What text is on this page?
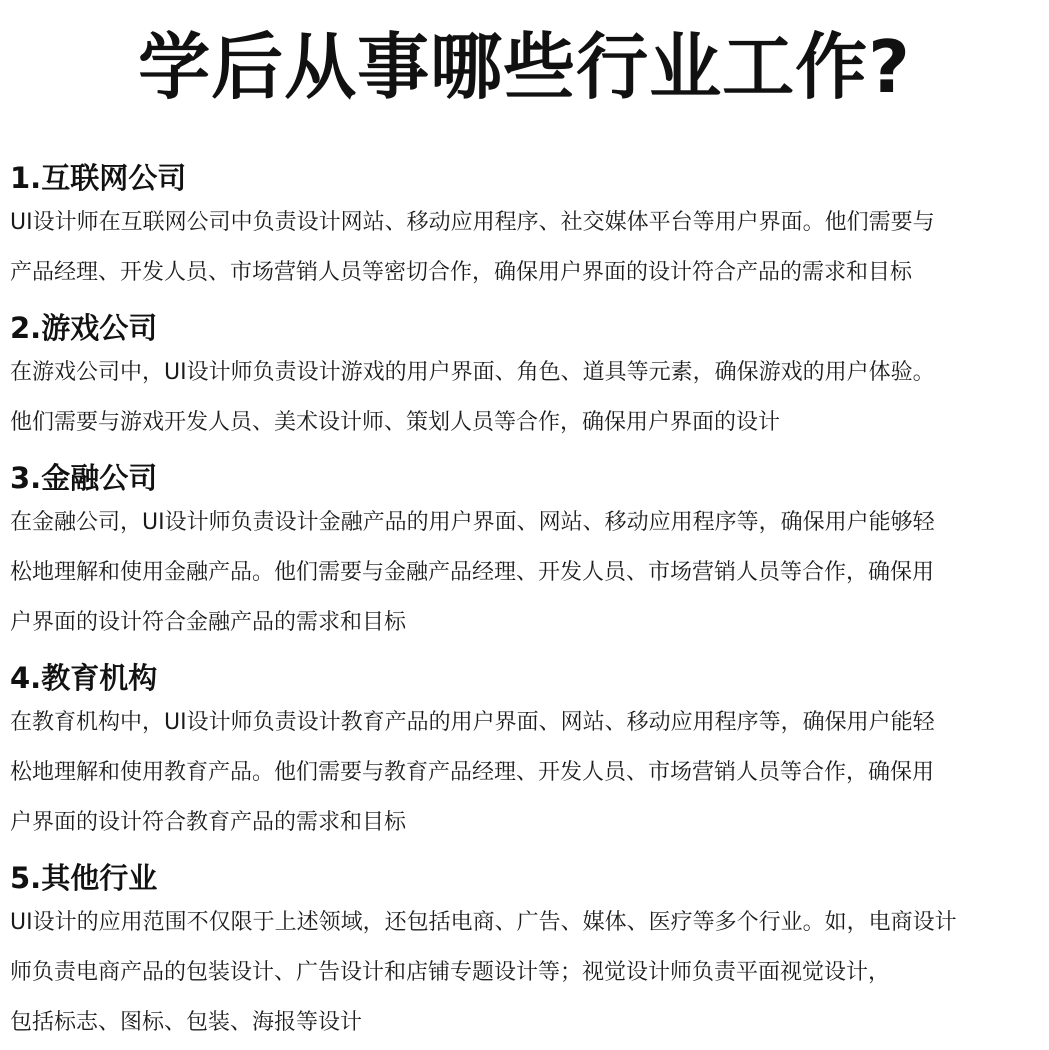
学后从事哪些行业工作?
1.互联网公司

UI设计师在互联网公司中负责设计网站、移动应用程序、社交媒体平台等用户界面。他们需要与
产品经理、开发人员、市场营销人员等密切合作，确保用户界面的设计符合产品的需求和目标

2.游戏公司

在游戏公司中，UI设计师负责设计游戏的用户界面、角色、道具等元素，确保游戏的用户体验。
他们需要与游戏开发人员、美术设计师、策划人员等合作，确保用户界面的设计

3.金融公司

在金融公司，UI设计师负责设计金融产品的用户界面、网站、移动应用程序等，确保用户能够轻
松地理解和使用金融产品。他们需要与金融产品经理、开发人员、市场营销人员等合作，确保用
户界面的设计符合金融产品的需求和目标

4.教育机构

在教育机构中，UI设计师负责设计教育产品的用户界面、网站、移动应用程序等，确保用户能轻
松地理解和使用教育产品。他们需要与教育产品经理、开发人员、市场营销人员等合作，确保用
户界面的设计符合教育产品的需求和目标

5.其他行业

UI设计的应用范围不仅限于上述领域，还包括电商、广告、媒体、医疗等多个行业。如，电商设计
师负责电商产品的包装设计、广告设计和店铺专题设计等；视觉设计师负责平面视觉设计，
包括标志、图标、包装、海报等设计
